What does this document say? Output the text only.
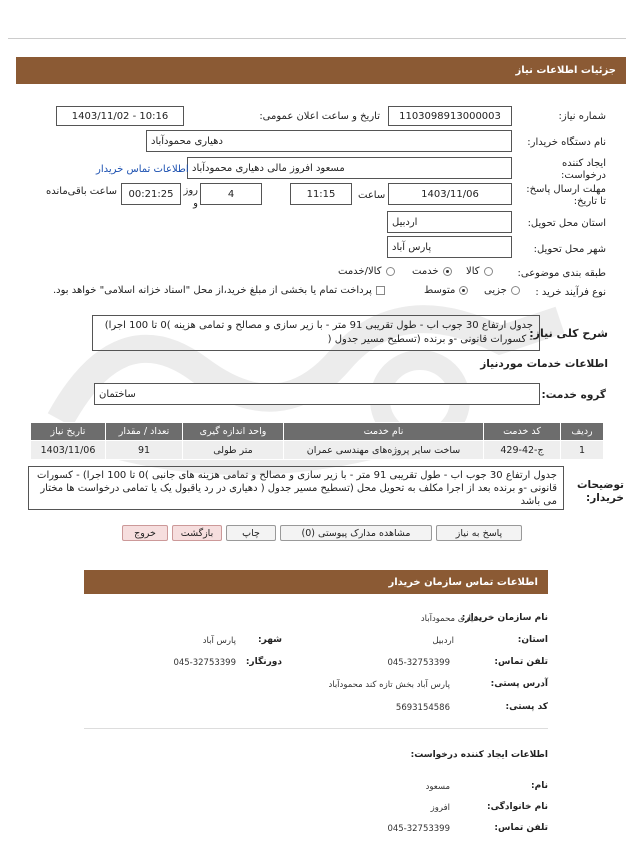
جزئیات اطلاعات نیاز
شماره نیاز:
1103098913000003
تاریخ و ساعت اعلان عمومی:
1403/11/02 - 10:16
نام دستگاه خریدار:
دهیاری محمودآباد
ایجاد کننده درخواست:
مسعود افروز مالی دهیاری محمودآباد
اطلاعات تماس خریدار
مهلت ارسال پاسخ: تا تاریخ:
1403/11/06
ساعت
11:15
4
روز و
00:21:25
ساعت باقی‌مانده
استان محل تحویل:
اردبیل
شهر محل تحویل:
پارس آباد
طبقه بندی موضوعی:
کالا
خدمت
کالا/خدمت
نوع فرآیند خرید :
جزیی
متوسط
پرداخت تمام یا بخشی از مبلغ خرید،از محل "اسناد خزانه اسلامی" خواهد بود.
شرح کلی نیاز:
جدول ارتفاع 30 جوب اب - طول تقریبی 91 متر - با زیر سازی و مصالح و تمامی هزینه )0 تا 100 اجرا) - کسورات قانونی -و برنده (تسطیح مسیر جدول (
اطلاعات خدمات موردنیاز
گروه خدمت:
ساختمان
ردیف	کد خدمت	نام خدمت	واحد اندازه گیری	تعداد / مقدار	تاریخ نیاز
1	ج-42-429	ساخت سایر پروژه‌های مهندسی عمران	متر طولی	91	1403/11/06
توضیحات خریدار:
جدول ارتفاع 30 جوب اب - طول تقریبی 91 متر - با زیر سازی و مصالح و تمامی هزینه های جانبی )0 تا 100 اجرا) - کسورات قانونی -و برنده بعد از اجرا مکلف به تحویل محل (تسطیح مسیر جدول ( دهیاری در رد یاقبول یک یا تمامی درخواست ها مختار می باشد
پاسخ به نیاز
مشاهده مدارک پیوستی (0)
چاپ
بازگشت
خروج
اطلاعات تماس سازمان خریدار
نام سازمان خریدار:
دهیاری محمودآباد
استان:
اردبیل
شهر:
پارس آباد
تلفن تماس:
045-32753399
دورنگار:
045-32753399
آدرس پستی:
پارس آباد بخش تازه کند محمودآباد
کد پستی:
5693154586
اطلاعات ایجاد کننده درخواست:
نام:
مسعود
نام خانوادگی:
افروز
تلفن تماس:
045-32753399
